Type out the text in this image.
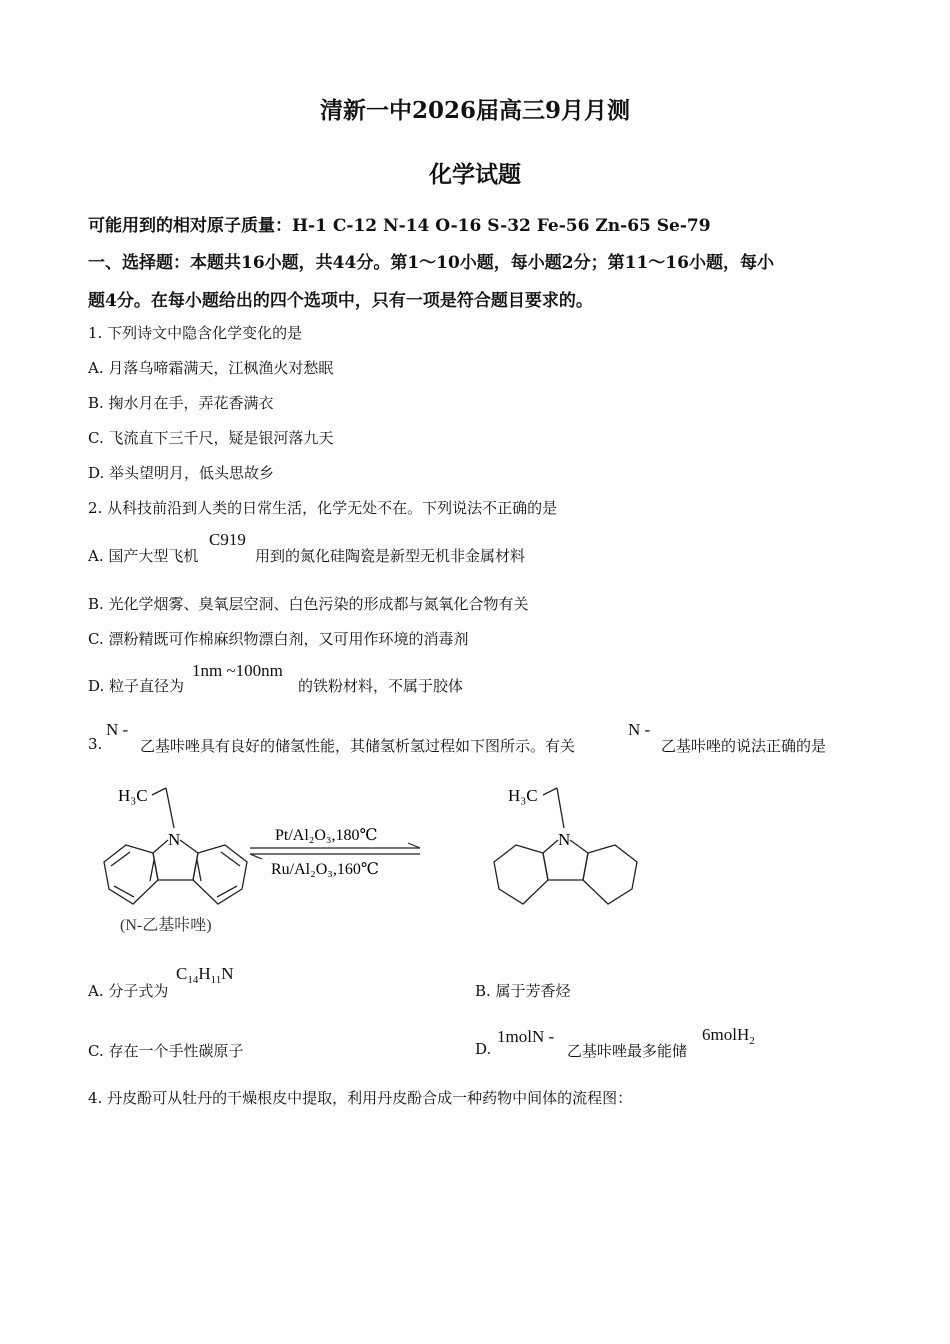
清新一中2026届高三9月月测
化学试题
可能用到的相对原子质量：H-1 C-12 N-14 O-16 S-32 Fe-56 Zn-65 Se-79
一、选择题：本题共16小题，共44分。第1～10小题，每小题2分；第11～16小题，每小
题4分。在每小题给出的四个选项中，只有一项是符合题目要求的。
1. 下列诗文中隐含化学变化的是
A. 月落乌啼霜满天，江枫渔火对愁眠
B. 掬水月在手，弄花香满衣
C. 飞流直下三千尺，疑是银河落九天
D. 举头望明月，低头思故乡
2. 从科技前沿到人类的日常生活，化学无处不在。下列说法不正确的是
A. 国产大型飞机
C919
用到的氮化硅陶瓷是新型无机非金属材料
B. 光化学烟雾、臭氧层空洞、白色污染的形成都与氮氧化合物有关
C. 漂粉精既可作棉麻织物漂白剂，又可用作环境的消毒剂
D. 粒子直径为
1nm ~100nm
的铁粉材料，不属于胶体
3.
N -
乙基咔唑具有良好的储氢性能，其储氢析氢过程如下图所示。有关
N -
乙基咔唑的说法正确的是
H₃C
N
(N-乙基咔唑)
Pt/Al₂O₃,180℃
Ru/Al₂O₃,160℃
H₃C
N
A. 分子式为
$C_{14}H_{11}N$
B. 属于芳香烃
C. 存在一个手性碳原子	D.
1molN -
乙基咔唑最多能储
6molH$_2$
4. 丹皮酚可从牡丹的干燥根皮中提取，利用丹皮酚合成一种药物中间体的流程图：
